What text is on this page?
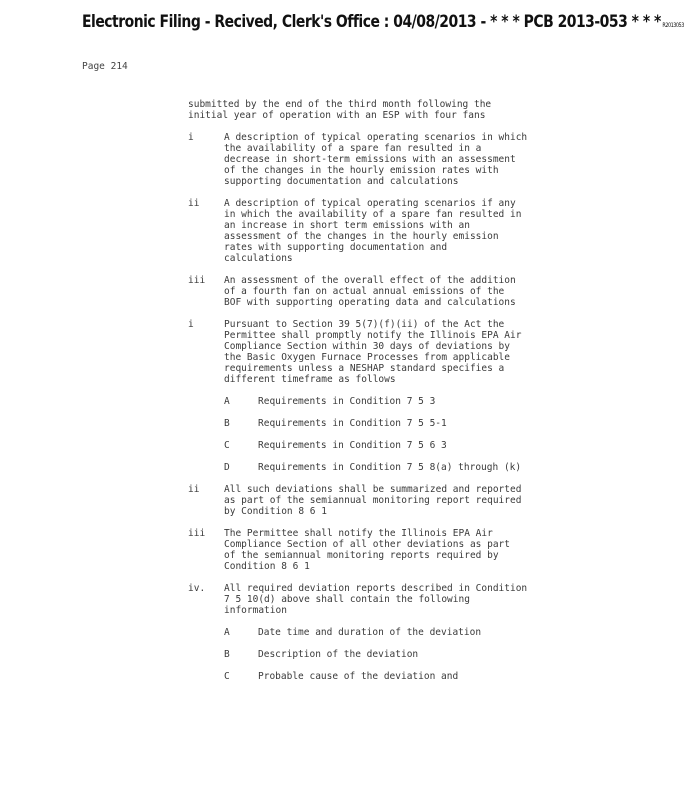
Electronic Filing - Recived, Clerk's Office : 04/08/2013 - * * * PCB 2013-053 * * * R2013053
Page 214
submitted by the end of the third month following the
initial year of operation with an ESP with four fans
i	A description of typical operating scenarios in which
the availability of a spare fan resulted in a
decrease in short-term emissions with an assessment
of the changes in the hourly emission rates with
supporting documentation and calculations
ii	A description of typical operating scenarios if any
in which the availability of a spare fan resulted in
an increase in short term emissions with an
assessment of the changes in the hourly emission
rates with supporting documentation and
calculations
iii An assessment of the overall effect of the addition
of a fourth fan on actual annual emissions of the
BOF with supporting operating data and calculations
i	Pursuant to Section 39 5(7)(f)(ii) of the Act the
Permittee shall promptly notify the Illinois EPA Air
Compliance Section within 30 days of deviations by
the Basic Oxygen Furnace Processes from applicable
requirements unless a NESHAP standard specifies a
different timeframe as follows
A	Requirements in Condition 7 5 3
B	Requirements in Condition 7 5 5-1
C	Requirements in Condition 7 5 6 3
D	Requirements in Condition 7 5 8(a) through (k)
ii	All such deviations shall be summarized and reported
as part of the semiannual monitoring report required
by Condition 8 6 1
iii The Permittee shall notify the Illinois EPA Air
Compliance Section of all other deviations as part
of the semiannual monitoring reports required by
Condition 8 6 1
iv. All required deviation reports described in Condition
7 5 10(d) above shall contain the following
information
A	Date time and duration of the deviation
B	Description of the deviation
C	Probable cause of the deviation and
